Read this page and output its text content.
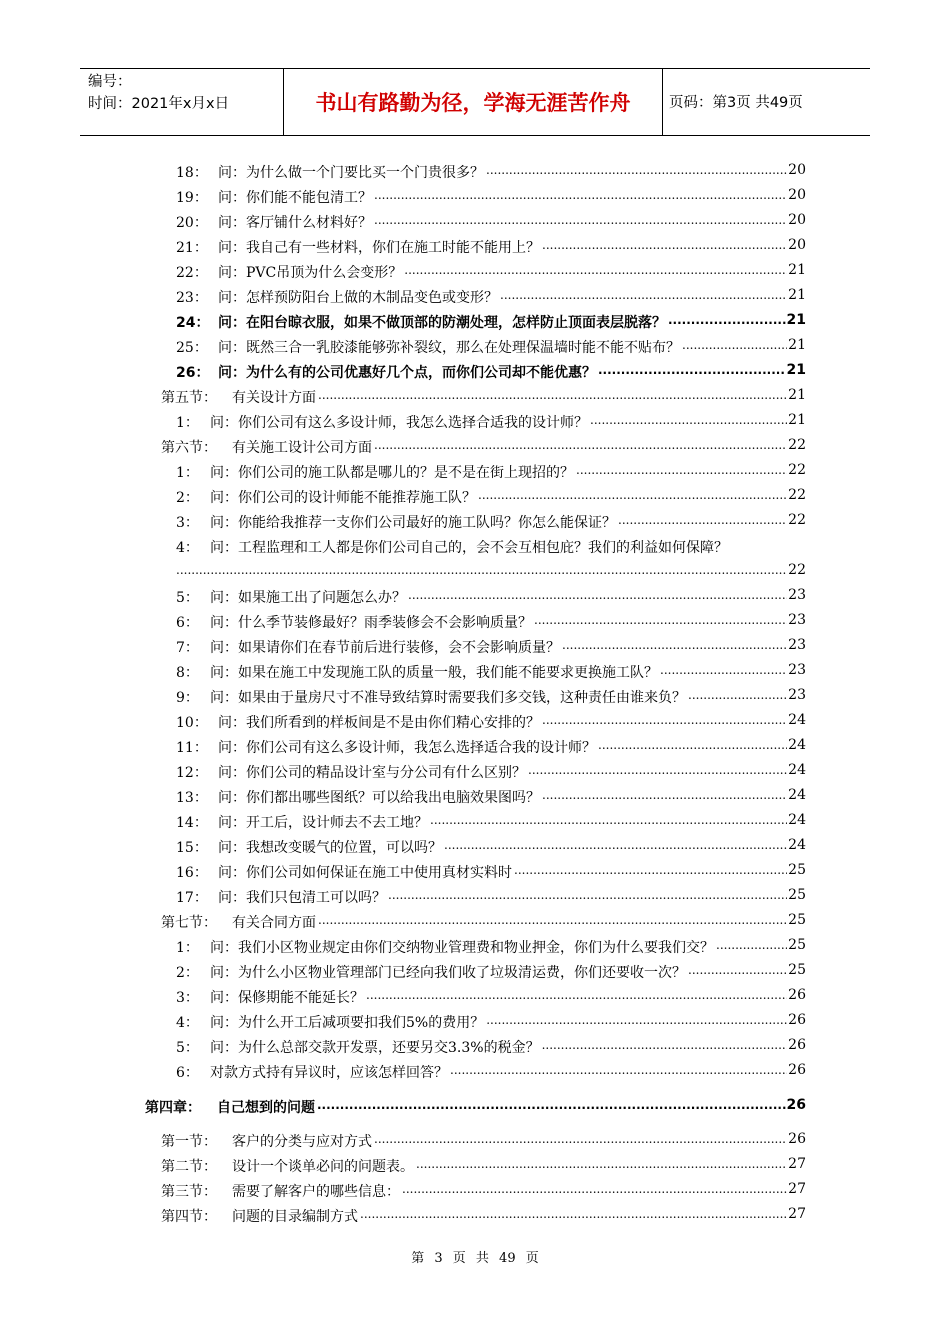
编号：
时间：2021年x月x日	书山有路勤为径，学海无涯苦作舟	页码：第3页 共49页
18： 问：为什么做一个门要比买一个门贵很多？	20
.....
19： 问：你们能不能包清工？	20
.....
20： 问：客厅铺什么材料好？	20
.....
21： 问：我自己有一些材料，你们在施工时能不能用上？	20
.....
22： 问：PVC吊顶为什么会变形？	21
.....
23： 问：怎样预防阳台上做的木制品变色或变形？	21
.....
24： 问：在阳台晾衣服，如果不做顶部的防潮处理，怎样防止顶面表层脱落？	21
.....
25： 问：既然三合一乳胶漆能够弥补裂纹，那么在处理保温墙时能不能不贴布？	21
.....
26： 问：为什么有的公司优惠好几个点，而你们公司却不能优惠？	21
.....
第五节： 有关设计方面	21
.....
1： 问：你们公司有这么多设计师，我怎么选择合适我的设计师？	21
.....
第六节： 有关施工设计公司方面	22
.....
1： 问：你们公司的施工队都是哪儿的？是不是在街上现招的？	22
.....
2： 问：你们公司的设计师能不能推荐施工队？	22
.....
3： 问：你能给我推荐一支你们公司最好的施工队吗？你怎么能保证？	22
.....
4： 问：工程监理和工人都是你们公司自己的，会不会互相包庇？我们的利益如何保障？
22
.....
5： 问：如果施工出了问题怎么办？	23
.....
6： 问：什么季节装修最好？雨季装修会不会影响质量？	23
.....
7： 问：如果请你们在春节前后进行装修，会不会影响质量？	23
.....
8： 问：如果在施工中发现施工队的质量一般，我们能不能要求更换施工队？	23
.....
9： 问：如果由于量房尺寸不准导致结算时需要我们多交钱，这种责任由谁来负？	23
.....
10： 问：我们所看到的样板间是不是由你们精心安排的？	24
.....
11： 问：你们公司有这么多设计师，我怎么选择适合我的设计师？	24
.....
12： 问：你们公司的精品设计室与分公司有什么区别？	24
.....
13： 问：你们都出哪些图纸？可以给我出电脑效果图吗？	24
.....
14： 问：开工后，设计师去不去工地？	24
.....
15： 问：我想改变暖气的位置，可以吗？	24
.....
16： 问：你们公司如何保证在施工中使用真材实料时	25
.....
17： 问：我们只包清工可以吗？	25
.....
第七节： 有关合同方面	25
.....
1： 问：我们小区物业规定由你们交纳物业管理费和物业押金，你们为什么要我们交？	25
.....
2： 问：为什么小区物业管理部门已经向我们收了垃圾清运费，你们还要收一次？	25
.....
3： 问：保修期能不能延长？	26
.....
4： 问：为什么开工后减项要扣我们5%的费用？	26
.....
5： 问：为什么总部交款开发票，还要另交3.3%的税金？	26
.....
6： 对款方式持有异议时，应该怎样回答？	26
.....
第四章： 自己想到的问题	26
.....
第一节： 客户的分类与应对方式	26
.....
第二节： 设计一个谈单必问的问题表。	27
.....
第三节： 需要了解客户的哪些信息：	27
.....
第四节： 问题的目录编制方式	27
.....
第 3 页 共 49 页
